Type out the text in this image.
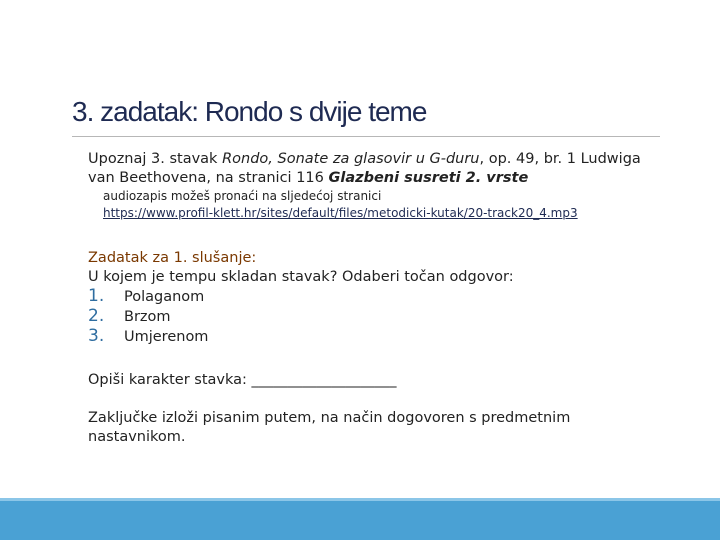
3. zadatak: Rondo s dvije teme

Upoznaj 3. stavak Rondo, Sonate za glasovir u G-duru, op. 49, br. 1 Ludwiga van Beethovena, na stranici 116 Glazbeni susreti 2. vrste

audiozapis možeš pronaći na sljedećoj stranici
https://www.profil-klett.hr/sites/default/files/metodicki-kutak/20-track20_4.mp3
Zadatak za 1. slušanje:
U kojem je tempu skladan stavak? Odaberi točan odgovor:
1.	Polaganom
2.	Brzom
3.	Umjerenom
Opiši karakter stavka: ____________________
Zaključke izloži pisanim putem, na način dogovoren s predmetnim nastavnikom.
